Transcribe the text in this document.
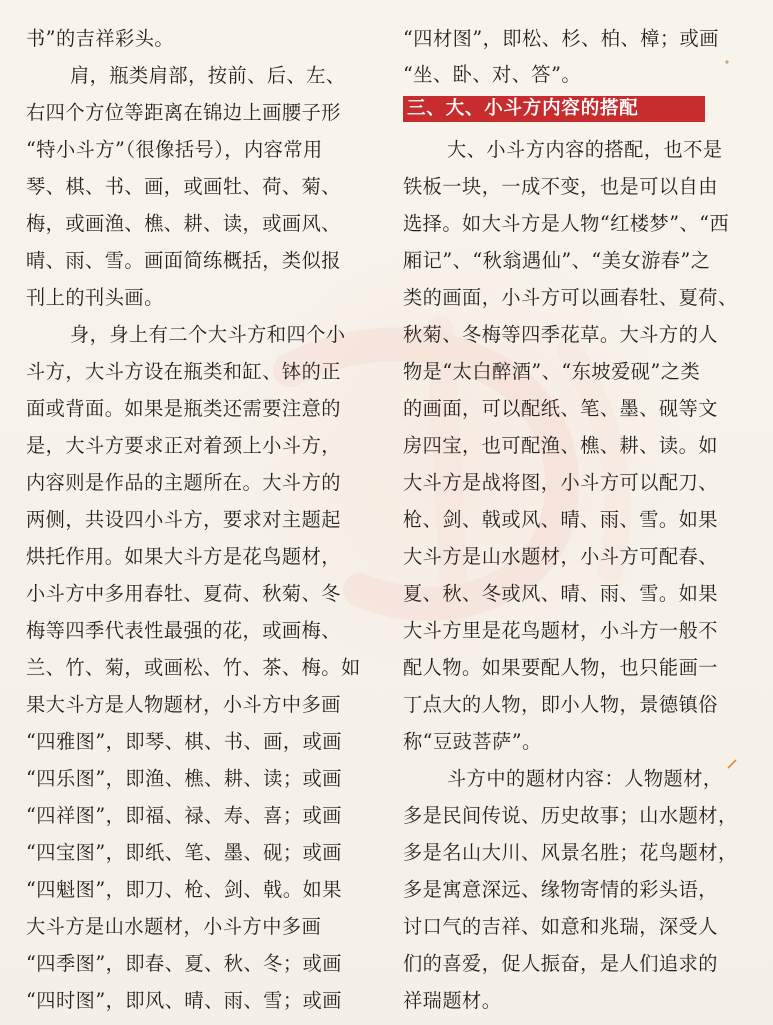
书”的吉祥彩头。
肩，瓶类肩部，按前、后、左、
右四个方位等距离在锦边上画腰子形
“特小斗方”（很像括号），内容常用
琴、棋、书、画，或画牡、荷、菊、
梅，或画渔、樵、耕、读，或画风、
晴、雨、雪。画面简练概括，类似报
刊上的刊头画。
身，身上有二个大斗方和四个小
斗方，大斗方设在瓶类和缸、钵的正
面或背面。如果是瓶类还需要注意的
是，大斗方要求正对着颈上小斗方，
内容则是作品的主题所在。大斗方的
两侧，共设四小斗方，要求对主题起
烘托作用。如果大斗方是花鸟题材，
小斗方中多用春牡、夏荷、秋菊、冬
梅等四季代表性最强的花，或画梅、
兰、竹、菊，或画松、竹、茶、梅。如
果大斗方是人物题材，小斗方中多画
“四雅图”，即琴、棋、书、画，或画
“四乐图”，即渔、樵、耕、读；或画
“四祥图”，即福、禄、寿、喜；或画
“四宝图”，即纸、笔、墨、砚；或画
“四魁图”，即刀、枪、剑、戟。如果
大斗方是山水题材，小斗方中多画
“四季图”，即春、夏、秋、冬；或画
“四时图”，即风、晴、雨、雪；或画
“四材图”，即松、杉、柏、樟；或画
“坐、卧、对、答”。
三、大、小斗方内容的搭配
大、小斗方内容的搭配，也不是
铁板一块，一成不变，也是可以自由
选择。如大斗方是人物“红楼梦”、“西
厢记”、“秋翁遇仙”、“美女游春”之
类的画面，小斗方可以画春牡、夏荷、
秋菊、冬梅等四季花草。大斗方的人
物是“太白醉酒”、“东坡爱砚”之类
的画面，可以配纸、笔、墨、砚等文
房四宝，也可配渔、樵、耕、读。如
大斗方是战将图，小斗方可以配刀、
枪、剑、戟或风、晴、雨、雪。如果
大斗方是山水题材，小斗方可配春、
夏、秋、冬或风、晴、雨、雪。如果
大斗方里是花鸟题材，小斗方一般不
配人物。如果要配人物，也只能画一
丁点大的人物，即小人物，景德镇俗
称“豆豉菩萨”。
斗方中的题材内容：人物题材，
多是民间传说、历史故事；山水题材，
多是名山大川、风景名胜；花鸟题材，
多是寓意深远、缘物寄情的彩头语，
讨口气的吉祥、如意和兆瑞，深受人
们的喜爱，促人振奋，是人们追求的
祥瑞题材。
